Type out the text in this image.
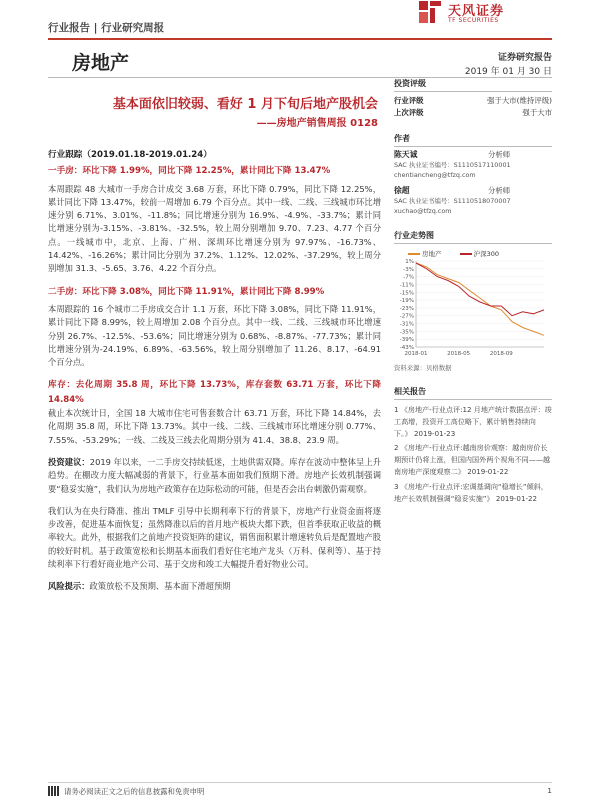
行业报告 | 行业研究周报
天风证券
TF SECURITIES
房地产	证券研究报告
2019 年 01 月 30 日
基本面依旧较弱、看好 1 月下旬后地产股机会
——房地产销售周报 0128

行业跟踪（2019.01.18-2019.01.24）

一手房：环比下降 1.99%，同比下降 12.25%，累计同比下降 13.47%

本周跟踪 48 大城市一手房合计成交 3.68 万套，环比下降 0.79%，同比下降 12.25%，累计同比下降 13.47%，较前一周增加 6.79 个百分点。其中一线、二线、三线城市环比增速分别 6.71%、3.01%、-11.8%；同比增速分别为 16.9%、-4.9%、-33.7%；累计同比增速分别为-3.15%、-3.81%、-32.5%，较上周分别增加 9.70、7.23、4.77 个百分点。一线城市中，北京、上海、广州、深圳环比增速分别为 97.97%、-16.73%、14.42%、-16.26%；累计同比分别为 37.2%、1.12%、12.02%、-37.29%，较上周分别增加 31.3、-5.65、3.76、4.22 个百分点。

二手房：环比下降 3.08%，同比下降 11.91%，累计同比下降 8.99%

本周跟踪的 16 个城市二手房成交合计 1.1 万套，环比下降 3.08%，同比下降 11.91%，累计同比下降 8.99%，较上周增加 2.08 个百分点。其中一线、二线、三线城市环比增速分别 26.7%、-12.5%、-53.6%；同比增速分别为 0.68%、-8.87%、-77.73%；累计同比增速分别为-24.19%、6.89%、-63.56%，较上周分别增加了 11.26、8.17、-64.91 个百分点。

库存：去化周期 35.8 周，环比下降 13.73%，库存套数 63.71 万套，环比下降 14.84%

截止本次统计日，全国 18 大城市住宅可售套数合计 63.71 万套，环比下降 14.84%，去化周期 35.8 周，环比下降 13.73%。其中一线、二线、三线城市环比增速分别 0.77%、7.55%、-53.29%；一线、二线及三线去化周期分别为 41.4、38.8、23.9 周。

投资建议：2019 年以来，一二手房交持续低迷，土地供需双降。库存在波动中整体呈上升趋势。在棚改力度大幅减弱的背景下，行业基本面如我们预期下滑。房地产长效机制强调要“稳妥实施”，我们认为房地产政策存在边际松动的可能，但是否会出台刺激仍需观察。

我们认为在央行降准、推出 TMLF 引导中长期利率下行的背景下，房地产行业资金面将逐步改善，促进基本面恢复；虽然降准以后的首月地产板块大都下跌，但首季获取正收益的概率较大。此外，根据我们之前地产投资矩阵的建议，销售面积累计增速转负后是配置地产股的较好时机。基于政策宽松和长期基本面我们看好住宅地产龙头（万科、保利等）、基于持续利率下行看好商业地产公司、基于交房和竣工大幅提升看好物业公司。

风险提示：政策放松不及预期、基本面下滑超预期

投资评级
行业评级	强于大市(维持评级)
上次评级	强于大市
作者
陈天诚	分析师
SAC 执业证书编号：S1110517110001
chentiancheng@tfzq.com
徐超	分析师
SAC 执业证书编号：S1110518070007
xuchao@tfzq.com
行业走势图
房地产	沪深300
1%
-3%
-7%
-11%
-15%
-19%
-23%
-27%
-31%
-35%
-39%
-43%
2018-01	2018-05	2018-09
资料来源：贝格数据
相关报告
1 《房地产-行业点评:12 月地产统计数据点评：竣工高增，投资开工高位略下，累计销售持续向下。》 2019-01-23
2 《房地产-行业点评:越南房价观察：越南房价长期预计仍将上涨，但国内国外两个视角不同——越南房地产深度观察二》 2019-01-22
3 《房地产-行业点评:宏调基调向“稳增长”倾斜，地产长效机制强调“稳妥实施”》 2019-01-22
请务必阅读正文之后的信息披露和免责申明	1
